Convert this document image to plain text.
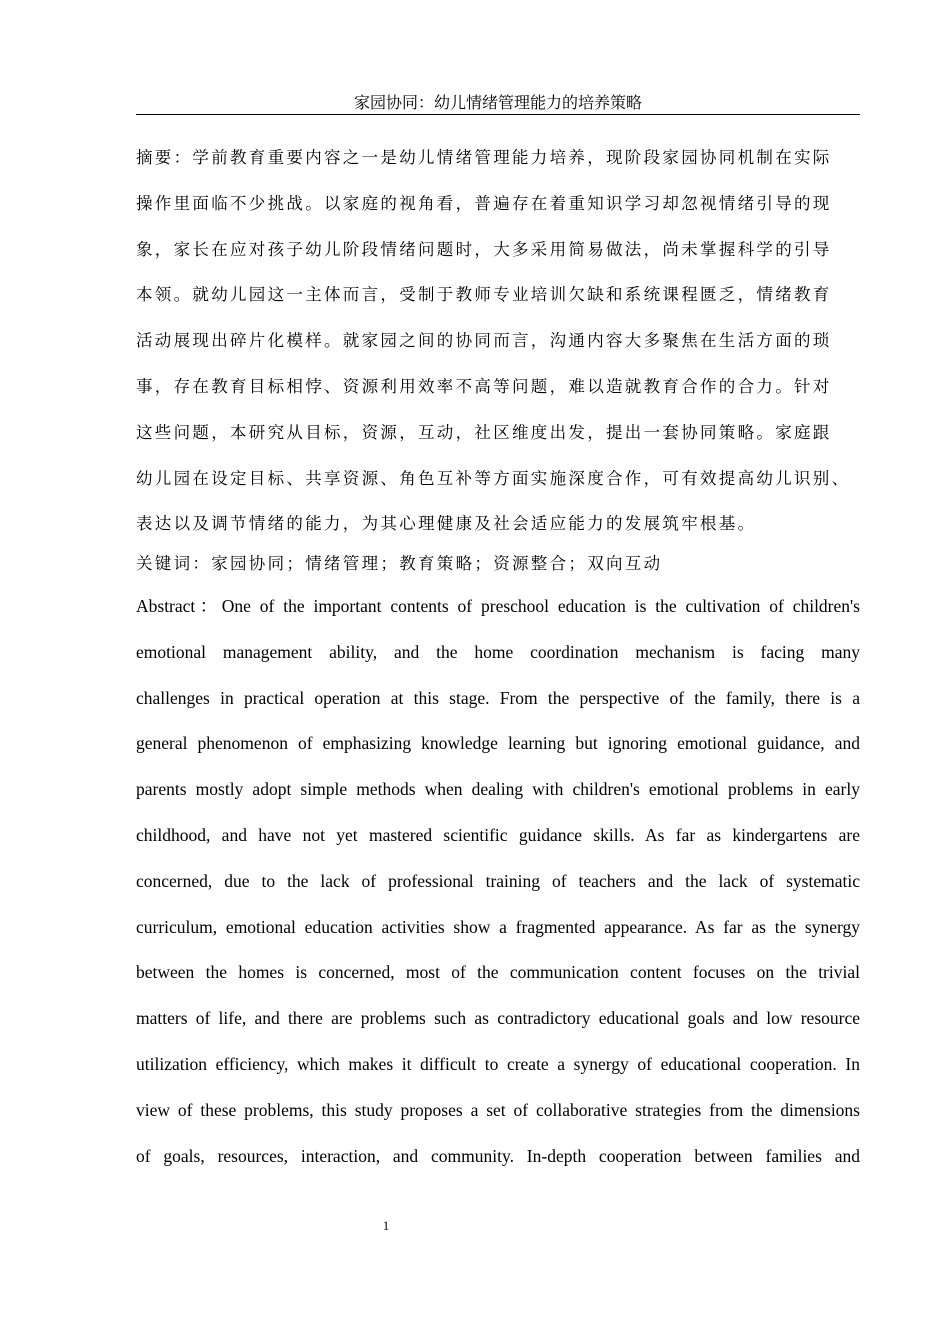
家园协同：幼儿情绪管理能力的培养策略
摘要：学前教育重要内容之一是幼儿情绪管理能力培养，现阶段家园协同机制在实际
操作里面临不少挑战。以家庭的视角看，普遍存在着重知识学习却忽视情绪引导的现
象，家长在应对孩子幼儿阶段情绪问题时，大多采用简易做法，尚未掌握科学的引导
本领。就幼儿园这一主体而言，受制于教师专业培训欠缺和系统课程匮乏，情绪教育
活动展现出碎片化模样。就家园之间的协同而言，沟通内容大多聚焦在生活方面的琐
事，存在教育目标相悖、资源利用效率不高等问题，难以造就教育合作的合力。针对
这些问题，本研究从目标，资源，互动，社区维度出发，提出一套协同策略。家庭跟
幼儿园在设定目标、共享资源、角色互补等方面实施深度合作，可有效提高幼儿识别、
表达以及调节情绪的能力，为其心理健康及社会适应能力的发展筑牢根基。
关键词：家园协同；情绪管理；教育策略；资源整合；双向互动
Abstract：One of the important contents of preschool education is the cultivation of children's
emotional management ability, and the home coordination mechanism is facing many
challenges in practical operation at this stage. From the perspective of the family, there is a
general phenomenon of emphasizing knowledge learning but ignoring emotional guidance, and
parents mostly adopt simple methods when dealing with children's emotional problems in early
childhood, and have not yet mastered scientific guidance skills. As far as kindergartens are
concerned, due to the lack of professional training of teachers and the lack of systematic
curriculum, emotional education activities show a fragmented appearance. As far as the synergy
between the homes is concerned, most of the communication content focuses on the trivial
matters of life, and there are problems such as contradictory educational goals and low resource
utilization efficiency, which makes it difficult to create a synergy of educational cooperation. In
view of these problems, this study proposes a set of collaborative strategies from the dimensions
of goals, resources, interaction, and community. In-depth cooperation between families and
1
